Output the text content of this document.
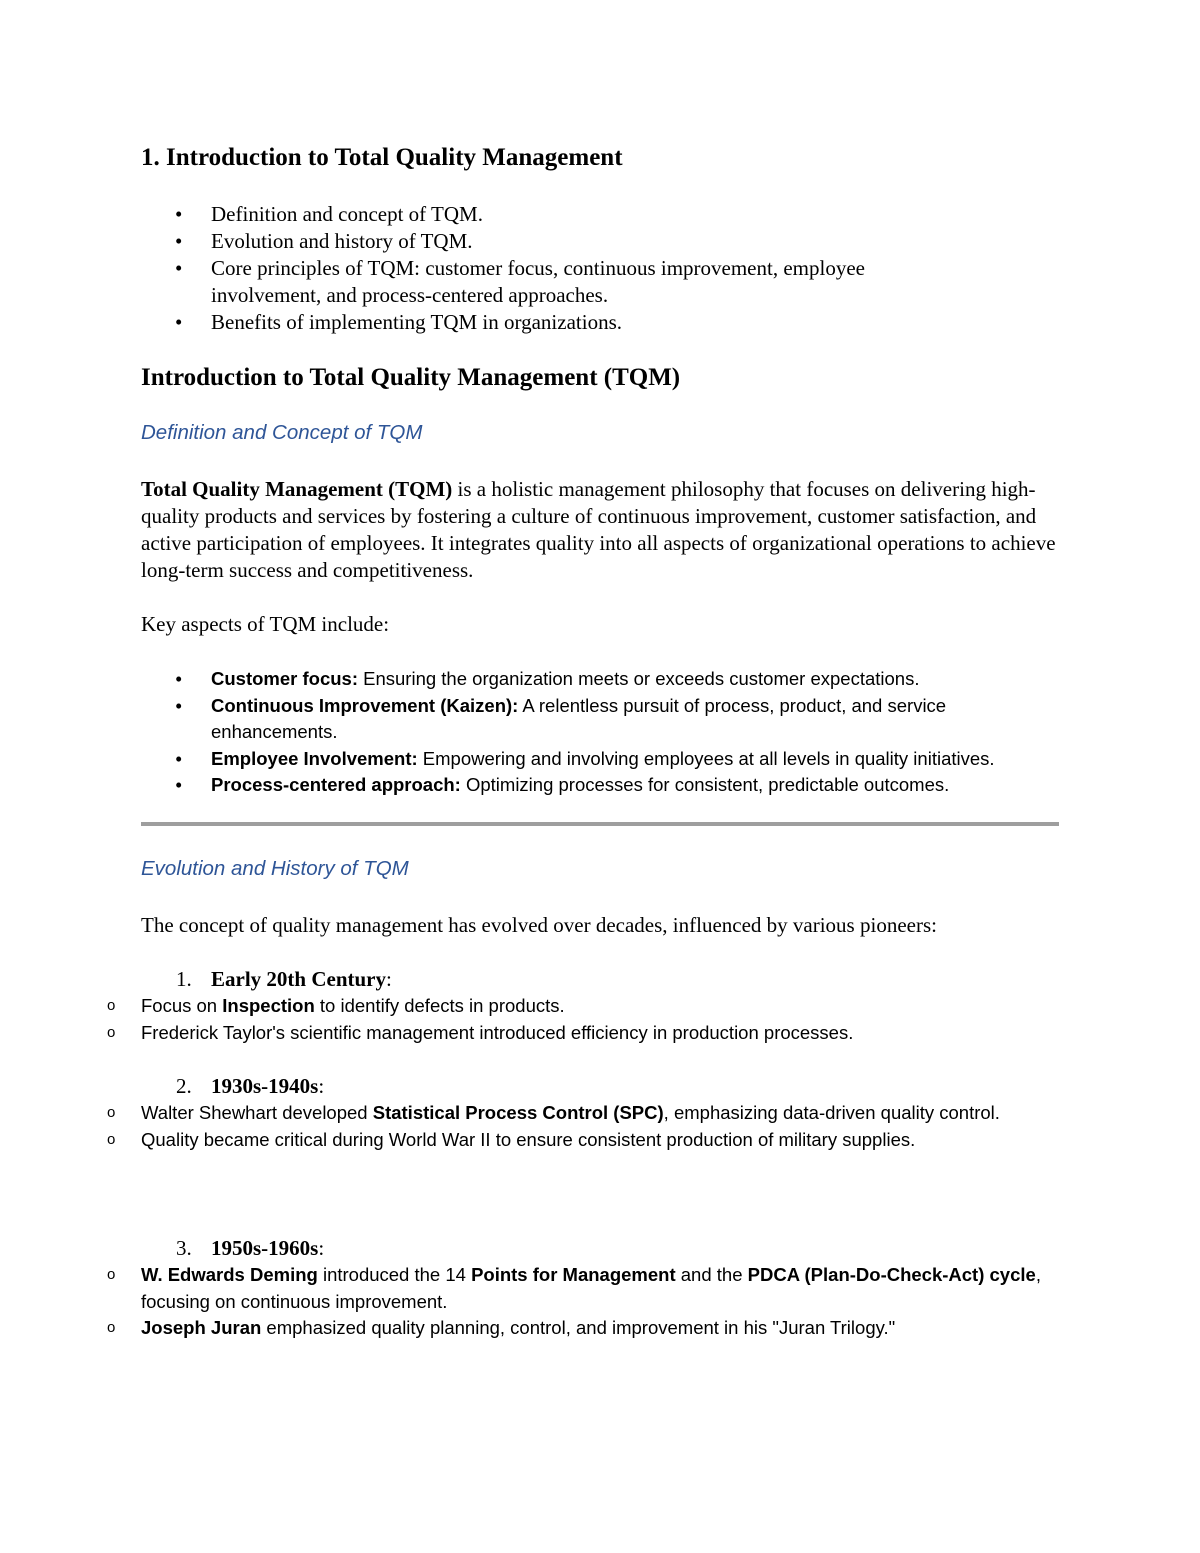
1. Introduction to Total Quality Management
• Definition and concept of TQM.
• Evolution and history of TQM.
• Core principles of TQM: customer focus, continuous improvement, employee involvement, and process-centered approaches.
• Benefits of implementing TQM in organizations.
Introduction to Total Quality Management (TQM)
Definition and Concept of TQM
Total Quality Management (TQM) is a holistic management philosophy that focuses on delivering high-quality products and services by fostering a culture of continuous improvement, customer satisfaction, and active participation of employees. It integrates quality into all aspects of organizational operations to achieve long-term success and competitiveness.
Key aspects of TQM include:
• Customer focus: Ensuring the organization meets or exceeds customer expectations.
• Continuous Improvement (Kaizen): A relentless pursuit of process, product, and service enhancements.
• Employee Involvement: Empowering and involving employees at all levels in quality initiatives.
• Process-centered approach: Optimizing processes for consistent, predictable outcomes.
Evolution and History of TQM
The concept of quality management has evolved over decades, influenced by various pioneers:
1. Early 20th Century:
o Focus on Inspection to identify defects in products.
o Frederick Taylor's scientific management introduced efficiency in production processes.
2. 1930s-1940s:
o Walter Shewhart developed Statistical Process Control (SPC), emphasizing data-driven quality control.
o Quality became critical during World War II to ensure consistent production of military supplies.
3. 1950s-1960s:
o W. Edwards Deming introduced the 14 Points for Management and the PDCA (Plan-Do-Check-Act) cycle, focusing on continuous improvement.
o Joseph Juran emphasized quality planning, control, and improvement in his "Juran Trilogy."
